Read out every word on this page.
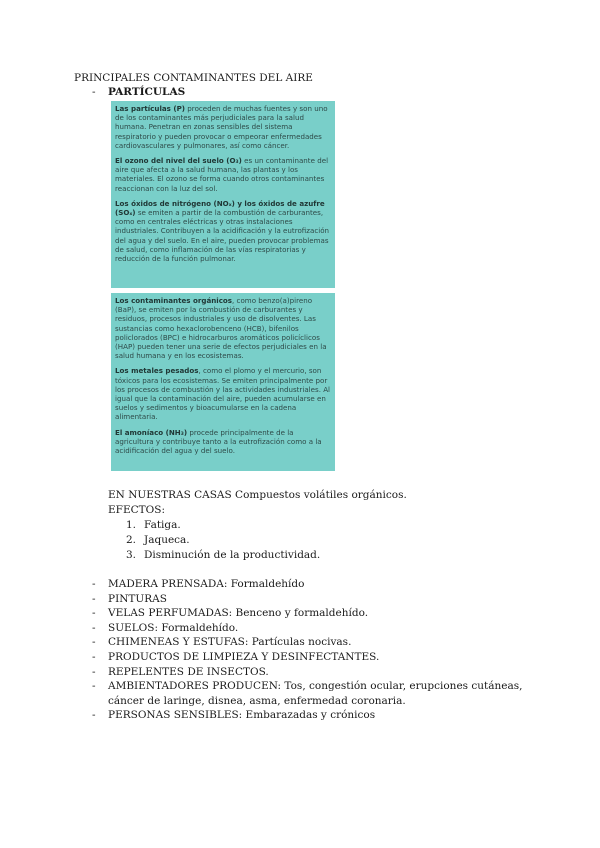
PRINCIPALES CONTAMINANTES DEL AIRE
- PARTÍCULAS

Las partículas (P) proceden de muchas fuentes y son uno de los contaminantes más perjudiciales para la salud humana. Penetran en zonas sensibles del sistema respiratorio y pueden provocar o empeorar enfermedades cardiovasculares y pulmonares, así como cáncer.

El ozono del nivel del suelo (O₃) es un contaminante del aire que afecta a la salud humana, las plantas y los materiales. El ozono se forma cuando otros contaminantes reaccionan con la luz del sol.

Los óxidos de nitrógeno (NOₓ) y los óxidos de azufre (SOₓ) se emiten a partir de la combustión de carburantes, como en centrales eléctricas y otras instalaciones industriales. Contribuyen a la acidificación y la eutrofización del agua y del suelo. En el aire, pueden provocar problemas de salud, como inflamación de las vías respiratorias y reducción de la función pulmonar.

Los contaminantes orgánicos, como benzo(a)pireno (BaP), se emiten por la combustión de carburantes y residuos, procesos industriales y uso de disolventes. Las sustancias como hexaclorobenceno (HCB), bifenilos policlorados (BPC) e hidrocarburos aromáticos policíclicos (HAP) pueden tener una serie de efectos perjudiciales en la salud humana y en los ecosistemas.

Los metales pesados, como el plomo y el mercurio, son tóxicos para los ecosistemas. Se emiten principalmente por los procesos de combustión y las actividades industriales. Al igual que la contaminación del aire, pueden acumularse en suelos y sedimentos y bioacumularse en la cadena alimentaria.

El amoníaco (NH₃) procede principalmente de la agricultura y contribuye tanto a la eutrofización como a la acidificación del agua y del suelo.

EN NUESTRAS CASAS Compuestos volátiles orgánicos.
EFECTOS:
1. Fatiga.
2. Jaqueca.
3. Disminución de la productividad.
-	MADERA PRENSADA: Formaldehído
-	PINTURAS
-	VELAS PERFUMADAS: Benceno y formaldehído.
-	SUELOS: Formaldehído.
-	CHIMENEAS Y ESTUFAS: Partículas nocivas.
-	PRODUCTOS DE LIMPIEZA Y DESINFECTANTES.
-	REPELENTES DE INSECTOS.
-	AMBIENTADORES PRODUCEN: Tos, congestión ocular, erupciones cutáneas, cáncer de laringe, disnea, asma, enfermedad coronaria.
-	PERSONAS SENSIBLES: Embarazadas y crónicos
